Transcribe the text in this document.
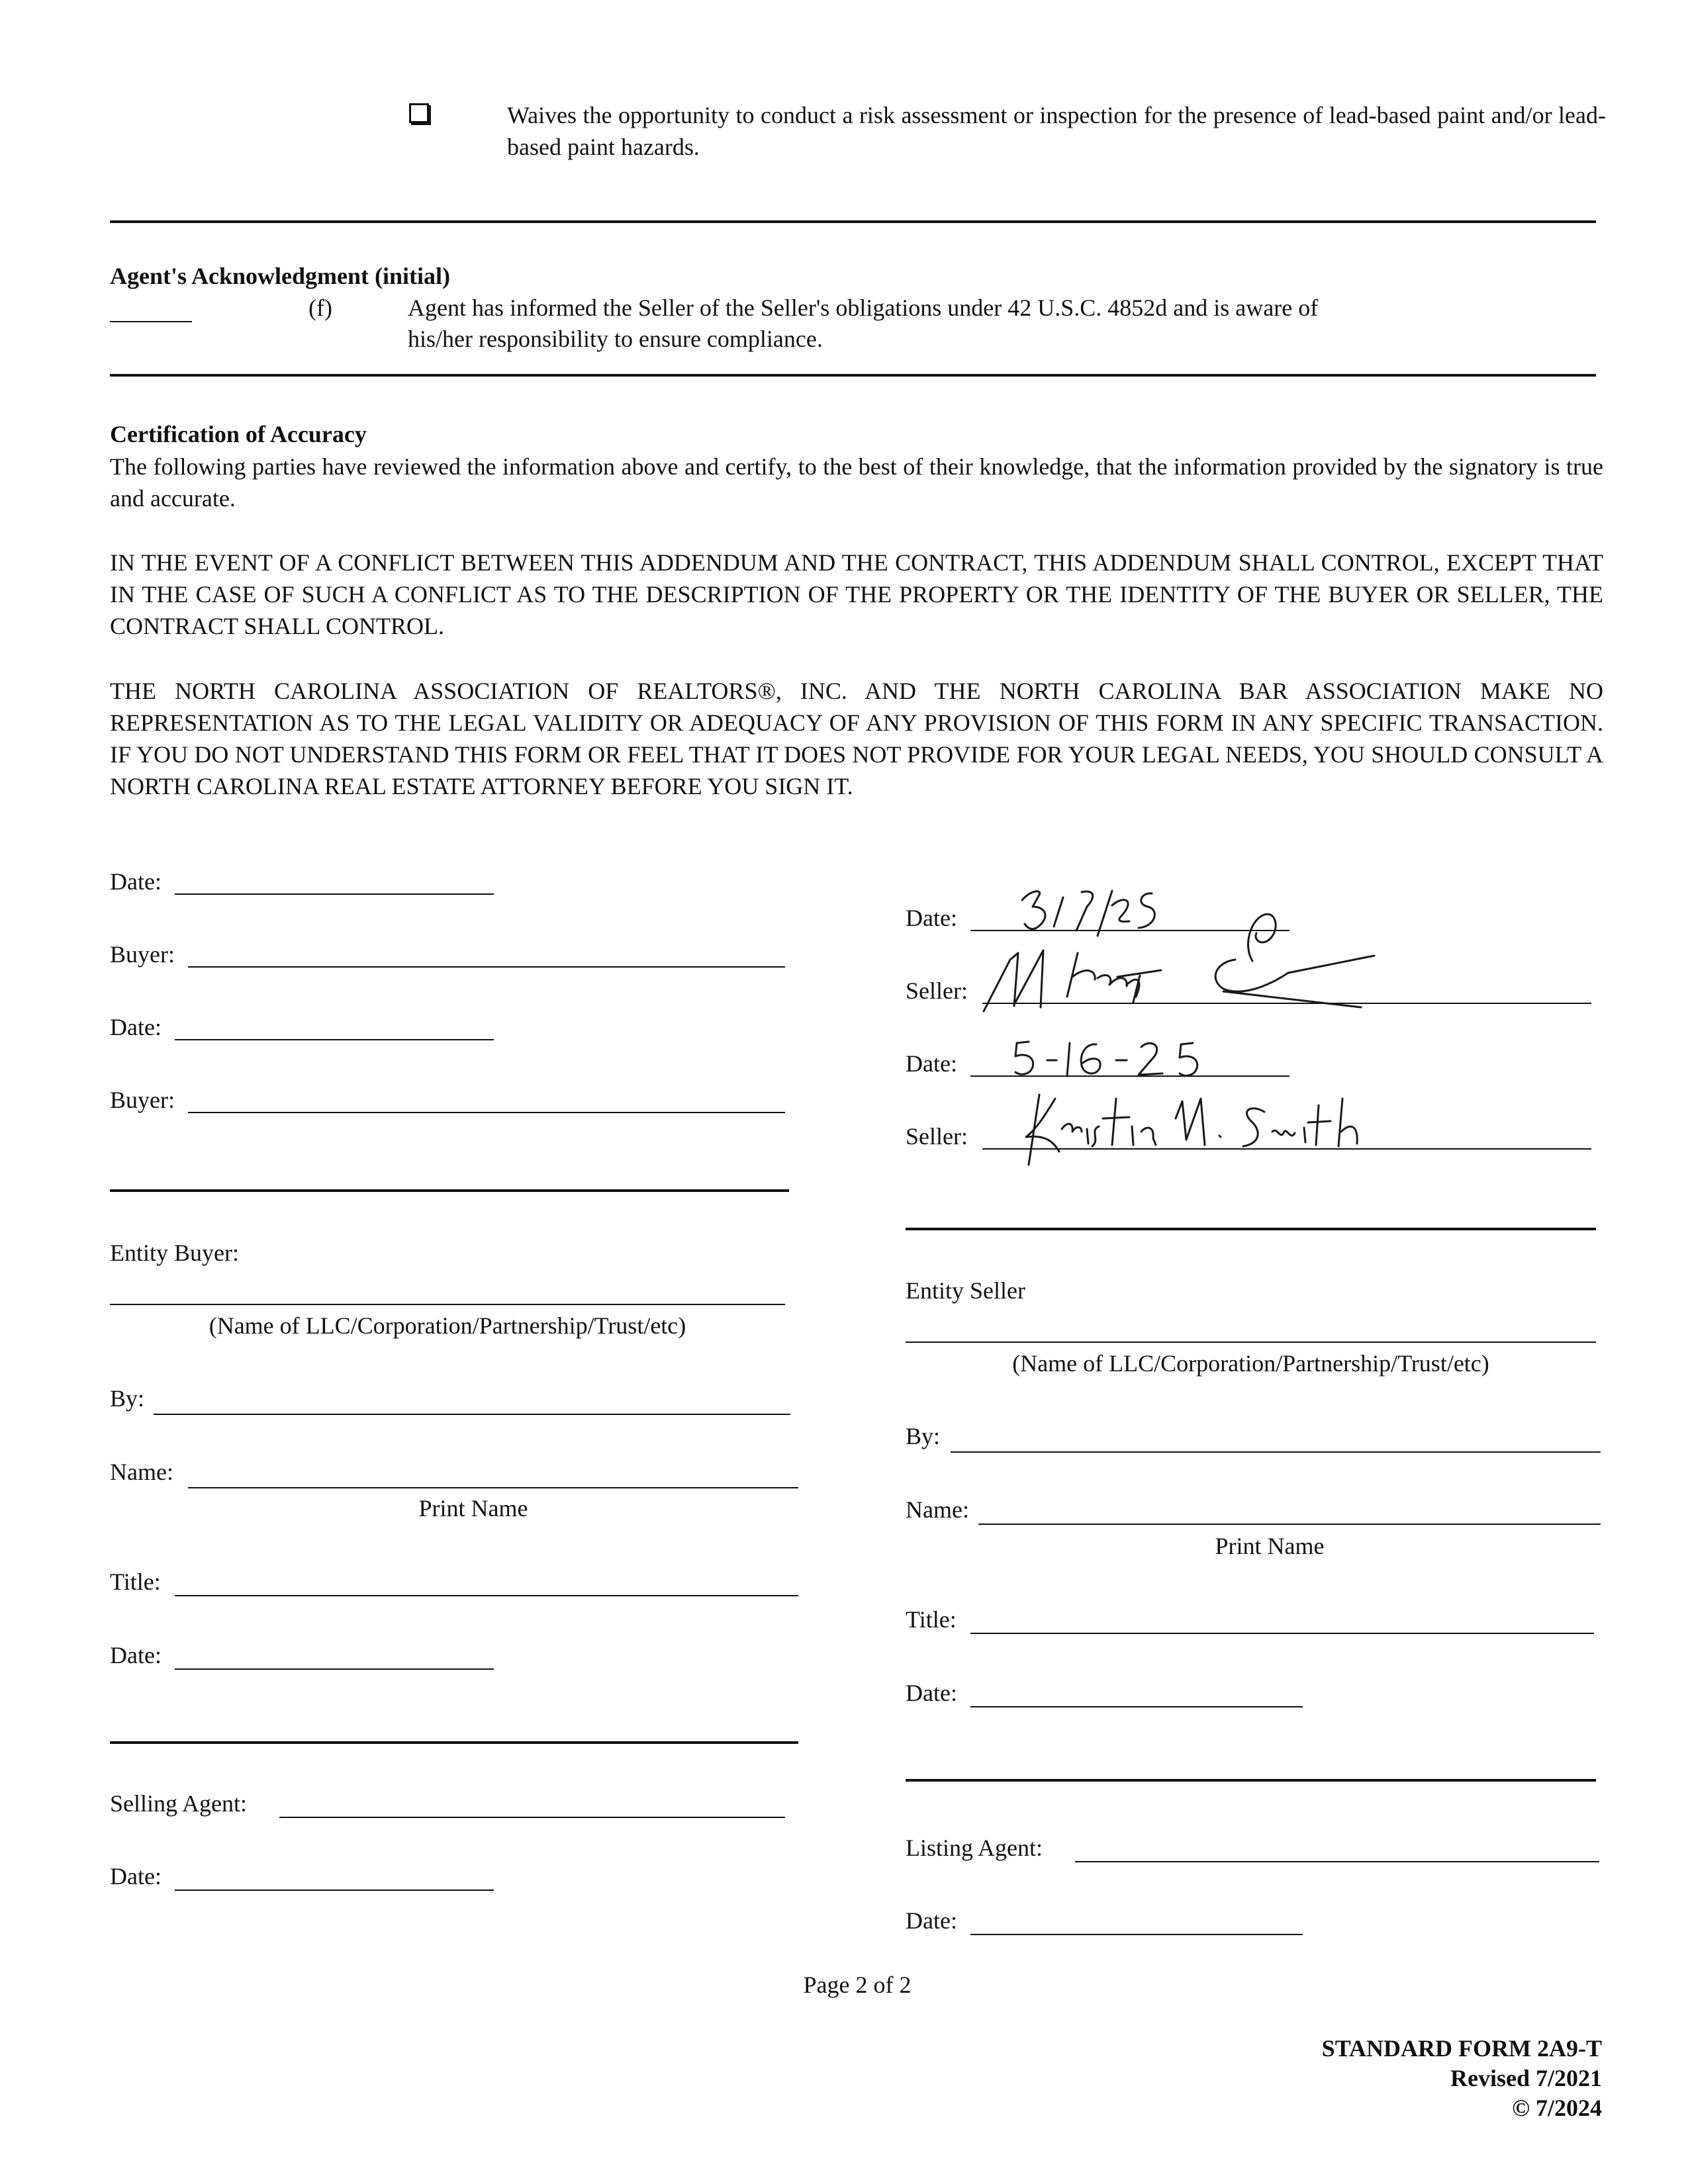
Waives the opportunity to conduct a risk assessment or inspection for the presence of lead-based paint and/or lead-based paint hazards.
Agent's Acknowledgment (initial)
(f)	Agent has informed the Seller of the Seller's obligations under 42 U.S.C. 4852d and is aware of
his/her responsibility to ensure compliance.
Certification of Accuracy
The following parties have reviewed the information above and certify, to the best of their knowledge, that the information provided by the signatory is true and accurate.
IN THE EVENT OF A CONFLICT BETWEEN THIS ADDENDUM AND THE CONTRACT, THIS ADDENDUM SHALL CONTROL, EXCEPT THAT IN THE CASE OF SUCH A CONFLICT AS TO THE DESCRIPTION OF THE PROPERTY OR THE IDENTITY OF THE BUYER OR SELLER, THE CONTRACT SHALL CONTROL.
THE NORTH CAROLINA ASSOCIATION OF REALTORS®, INC. AND THE NORTH CAROLINA BAR ASSOCIATION MAKE NO REPRESENTATION AS TO THE LEGAL VALIDITY OR ADEQUACY OF ANY PROVISION OF THIS FORM IN ANY SPECIFIC TRANSACTION. IF YOU DO NOT UNDERSTAND THIS FORM OR FEEL THAT IT DOES NOT PROVIDE FOR YOUR LEGAL NEEDS, YOU SHOULD CONSULT A NORTH CAROLINA REAL ESTATE ATTORNEY BEFORE YOU SIGN IT.
Date:
Buyer:
Date:
Buyer:
Date:
Seller:
Date:
Seller:
Entity Buyer:
(Name of LLC/Corporation/Partnership/Trust/etc)
By:
Name:
Print Name
Title:
Date:
Entity Seller
(Name of LLC/Corporation/Partnership/Trust/etc)
By:
Name:
Print Name
Title:
Date:
Selling Agent:
Date:
Listing Agent:
Date:
Page 2 of 2
STANDARD FORM 2A9-T
Revised 7/2021
© 7/2024
